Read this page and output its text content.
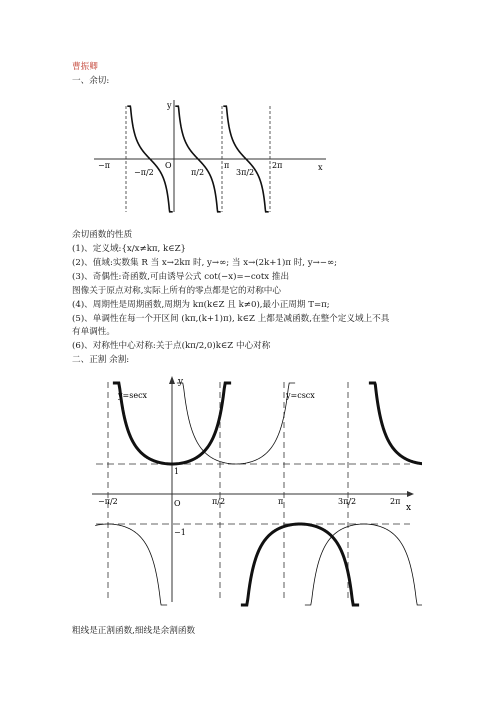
曹振卿
一、余切:
y
x
O
−π
−π/2	π/2
π
3π/2
2π
余切函数的性质
(1)、定义域:{x/x≠kπ, k∈Z}
(2)、值域:实数集 R 当 x→2kπ 时, y→∞; 当 x→(2k+1)π 时, y→−∞;
(3)、奇偶性:奇函数,可由诱导公式 cot(−x)=−cotx 推出
图像关于原点对称,实际上所有的零点都是它的对称中心
(4)、周期性是周期函数,周期为 kπ(k∈Z 且 k≠0),最小正周期 T=π;
(5)、单调性在每一个开区间 (kπ,(k+1)π), k∈Z 上都是减函数,在整个定义域上不具
有单调性。
(6)、对称性中心对称:关于点(kπ/2,0)k∈Z 中心对称
二、正割 余割:
y
x
O
1
−1
y=secx	y=cscx
−π/2	π/2	π	3π/2	2π
粗线是正割函数,细线是余割函数
